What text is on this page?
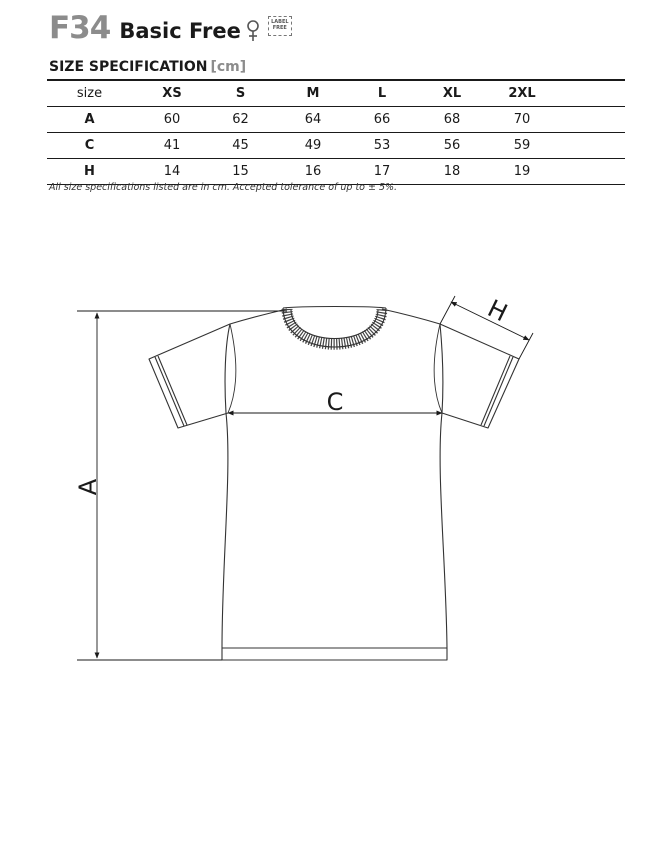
F34 Basic Free	LABEL
FREE
SIZE SPECIFICATION [cm]
size	XS	S	M	L	XL	2XL	
A	60	62	64	66	68	70	
C	41	45	49	53	56	59	
H	14	15	16	17	18	19	
All size specifications listed are in cm. Accepted tolerance of up to ± 5%.
A
C
H
